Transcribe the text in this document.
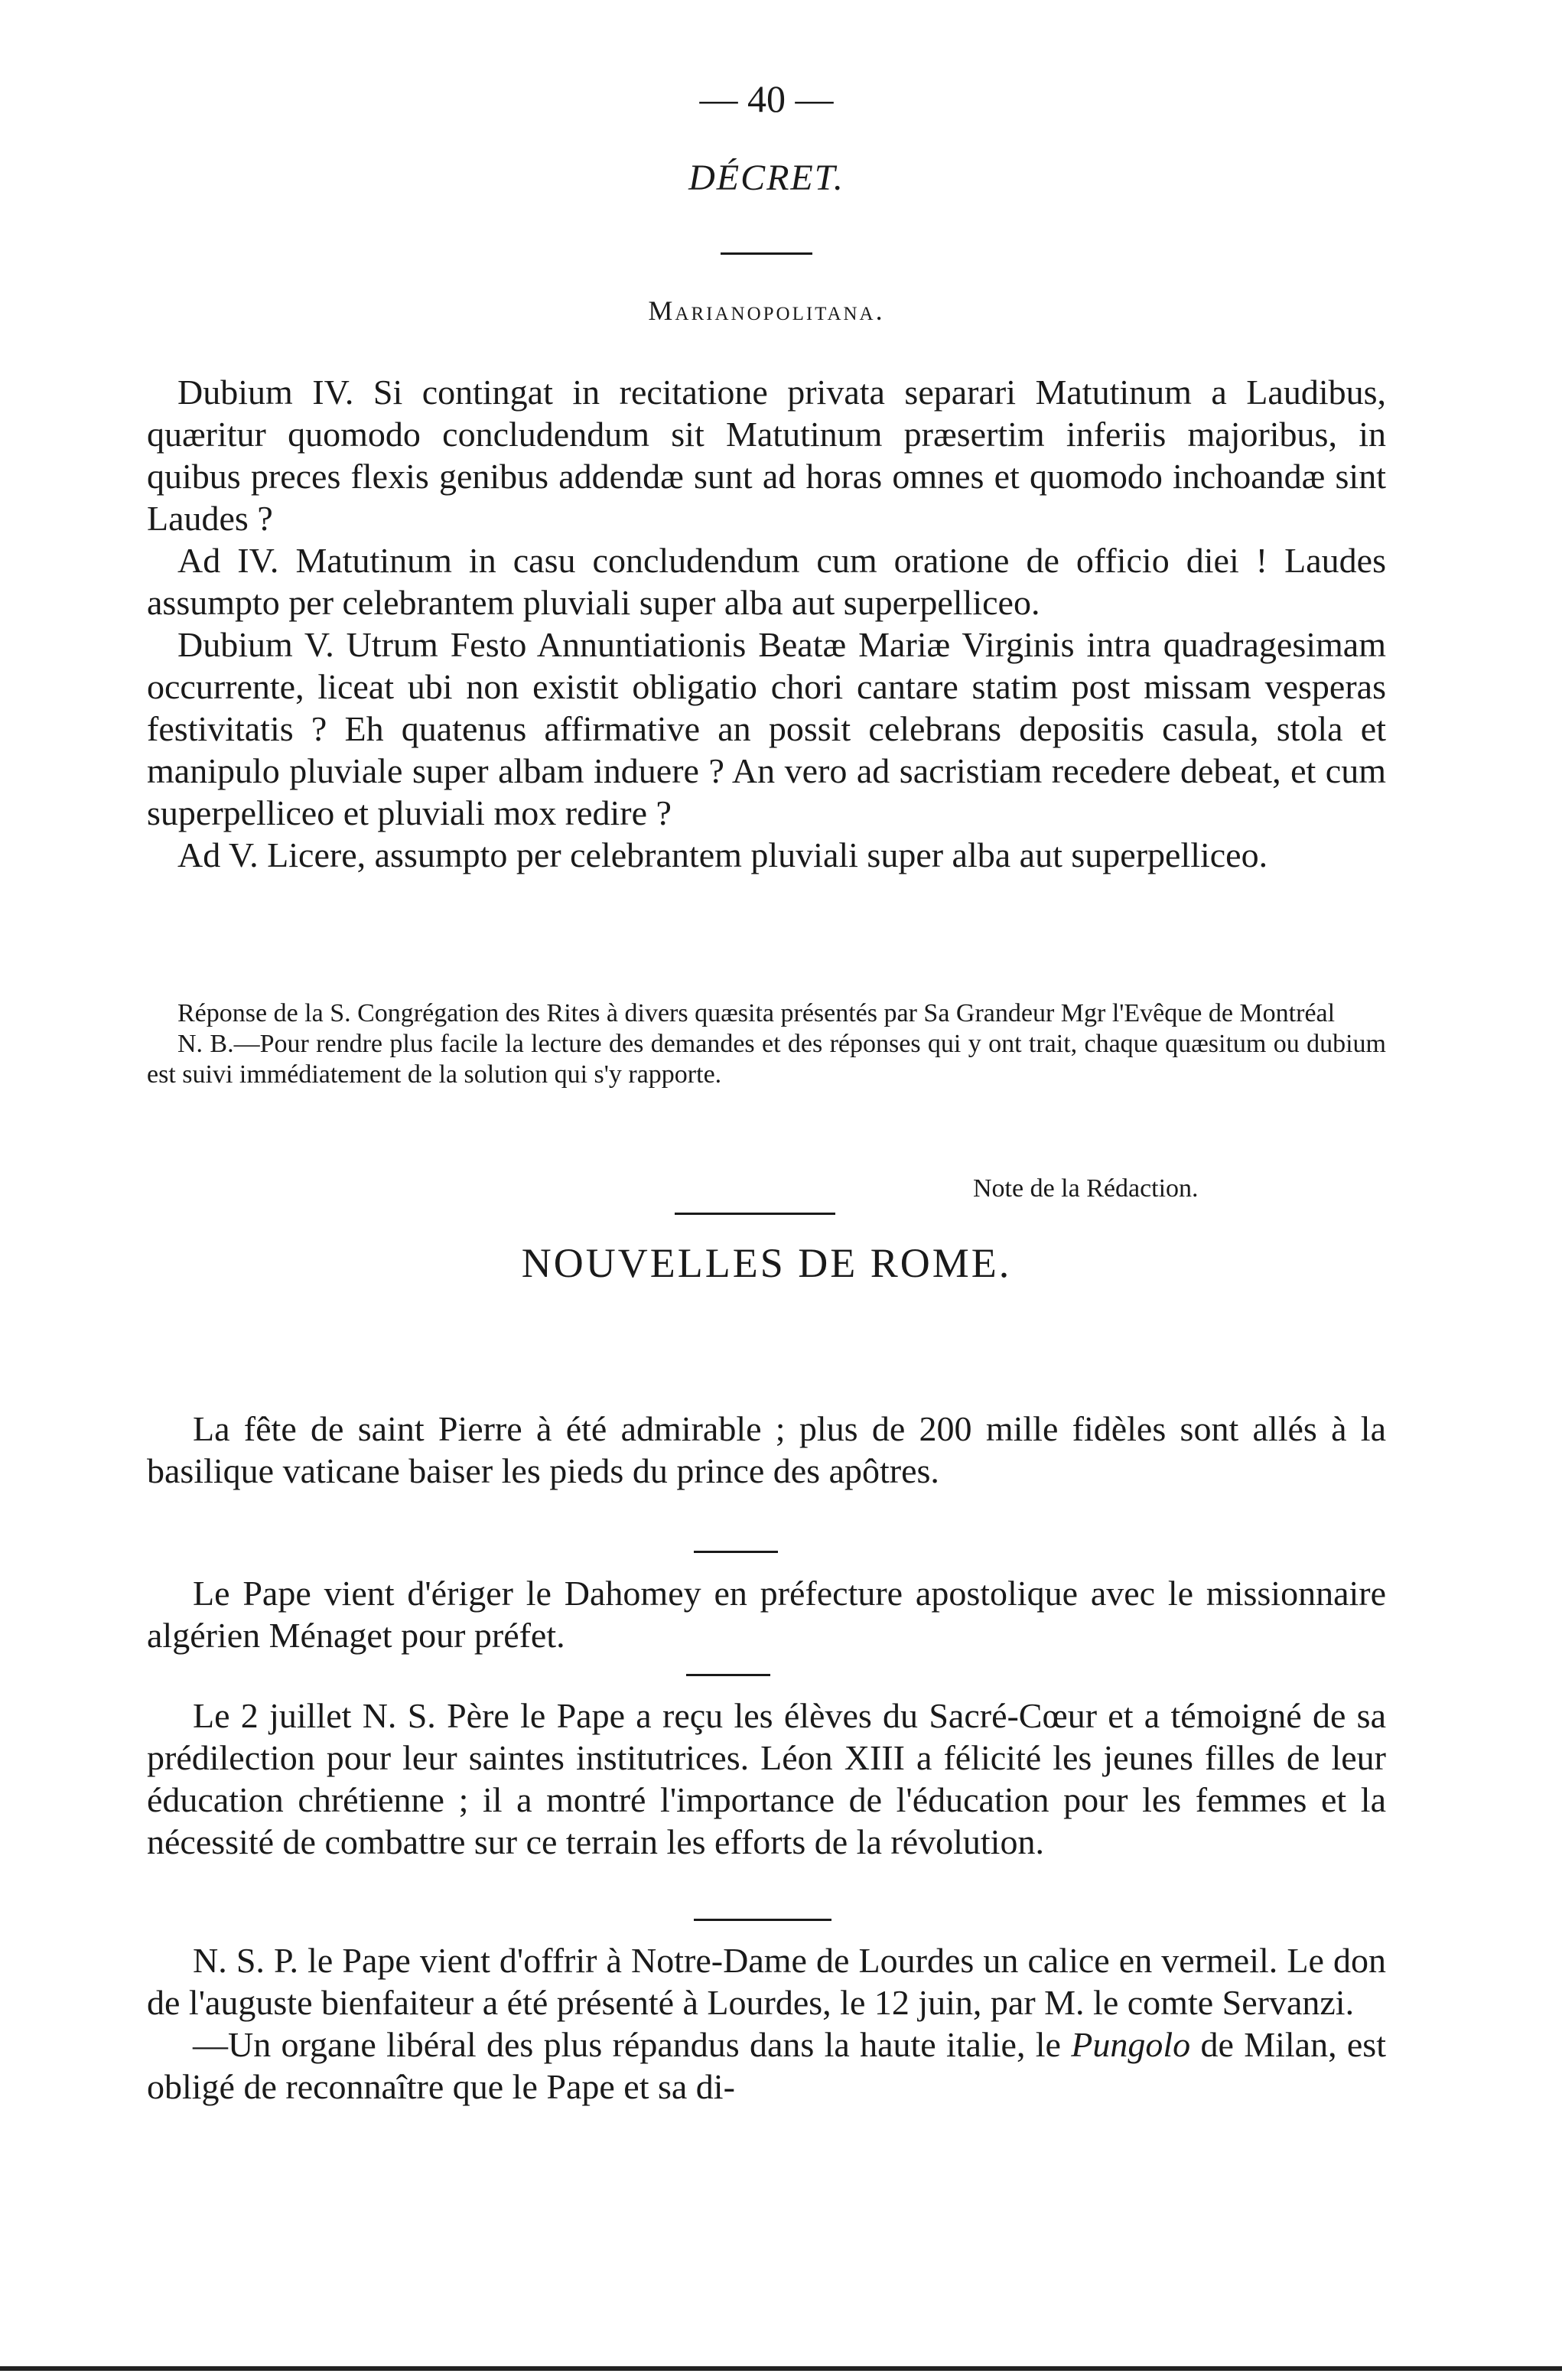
— 40 —
DÉCRET.
Marianopolitana.

Dubium IV. Si contingat in recitatione privata separari Matutinum a Laudibus, quæritur quomodo concludendum sit Matutinum præsertim inferiis majoribus, in quibus preces flexis genibus addendæ sunt ad horas omnes et quomodo inchoandæ sint Laudes ?

Ad IV. Matutinum in casu concludendum cum oratione de officio diei ! Laudes assumpto per celebrantem pluviali super alba aut superpelliceo.

Dubium V. Utrum Festo Annuntiationis Beatæ Mariæ Virginis intra quadragesimam occurrente, liceat ubi non existit obligatio chori cantare statim post missam vesperas festivitatis ? Eh quatenus affirmative an possit celebrans depositis casula, stola et manipulo pluviale super albam induere ? An vero ad sacristiam recedere debeat, et cum superpelliceo et pluviali mox redire ?

Ad V. Licere, assumpto per celebrantem pluviali super alba aut superpelliceo.

Réponse de la S. Congrégation des Rites à divers quæsita présentés par Sa Grandeur Mgr l'Evêque de Montréal

N. B.—Pour rendre plus facile la lecture des demandes et des réponses qui y ont trait, chaque quæsitum ou dubium est suivi immédiatement de la solution qui s'y rapporte.

Note de la Rédaction.
NOUVELLES DE ROME.

La fête de saint Pierre à été admirable ; plus de 200 mille fidèles sont allés à la basilique vaticane baiser les pieds du prince des apôtres.

Le Pape vient d'ériger le Dahomey en préfecture apostolique avec le missionnaire algérien Ménaget pour préfet.

Le 2 juillet N. S. Père le Pape a reçu les élèves du Sacré-Cœur et a témoigné de sa prédilection pour leur saintes institutrices. Léon XIII a félicité les jeunes filles de leur éducation chrétienne ; il a montré l'importance de l'éducation pour les femmes et la nécessité de combattre sur ce terrain les efforts de la révolution.

N. S. P. le Pape vient d'offrir à Notre-Dame de Lourdes un calice en vermeil. Le don de l'auguste bienfaiteur a été présenté à Lourdes, le 12 juin, par M. le comte Servanzi.

—Un organe libéral des plus répandus dans la haute italie, le Pungolo de Milan, est obligé de reconnaître que le Pape et sa di-
